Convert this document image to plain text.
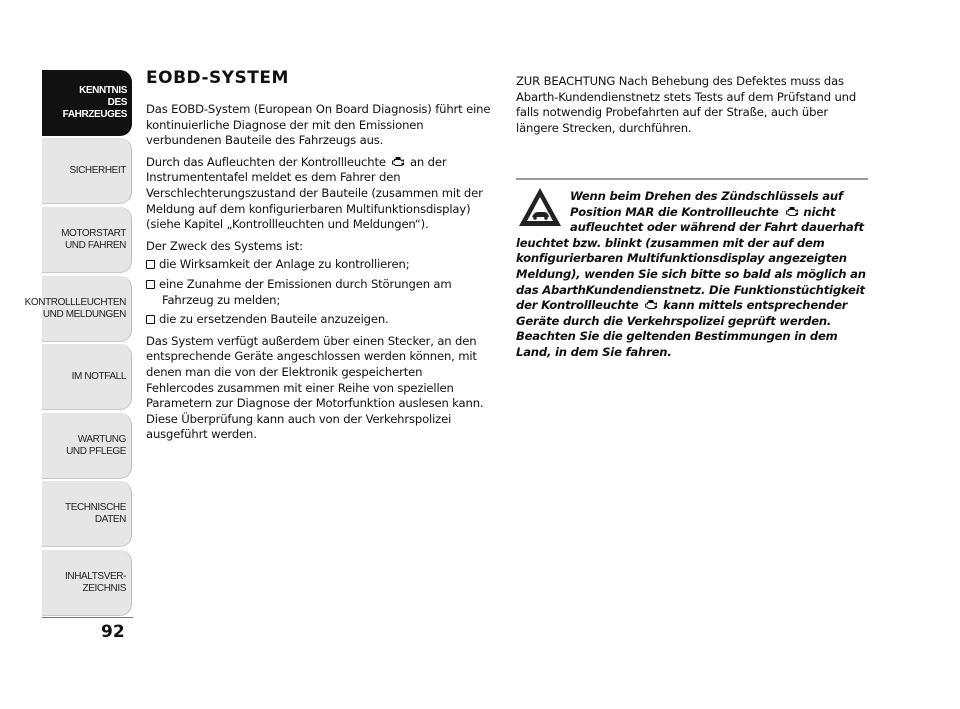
KENNTNIS
DES FAHRZEUGES
SICHERHEIT
MOTORSTART
UND FAHREN
KONTROLLLEUCHTEN
UND MELDUNGEN
IM NOTFALL
WARTUNG
UND PFLEGE
TECHNISCHE
DATEN
INHALTSVER-
ZEICHNIS
92
EOBD-SYSTEM

Das EOBD-System (European On Board Diagnosis) führt eine kontinuierliche Diagnose der mit den Emissionen verbundenen Bauteile des Fahrzeugs aus.

Durch das Aufleuchten der Kontrollleuchte an der Instrumententafel meldet es dem Fahrer den Verschlechterungszustand der Bauteile (zusammen mit der Meldung auf dem konfigurierbaren Multifunktionsdisplay) (siehe Kapitel „Kontrollleuchten und Meldungen“).

Der Zweck des Systems ist:

die Wirksamkeit der Anlage zu kontrollieren;
eine Zunahme der Emissionen durch Störungen am Fahrzeug zu melden;
die zu ersetzenden Bauteile anzuzeigen.

Das System verfügt außerdem über einen Stecker, an den entsprechende Geräte angeschlossen werden können, mit denen man die von der Elektronik gespeicherten Fehlercodes zusammen mit einer Reihe von speziellen Parametern zur Diagnose der Motorfunktion auslesen kann. Diese Überprüfung kann auch von der Verkehrspolizei ausgeführt werden.

ZUR BEACHTUNG Nach Behebung des Defektes muss das Abarth-Kundendienstnetz stets Tests auf dem Prüfstand und falls notwendig Probefahrten auf der Straße, auch über längere Strecken, durchführen.
Wenn beim Drehen des Zündschlüssels auf Position MAR die Kontrollleuchte nicht aufleuchtet oder während der Fahrt dauerhaft leuchtet bzw. blinkt (zusammen mit der auf dem konfigurierbaren Multifunktionsdisplay angezeigten Meldung), wenden Sie sich bitte so bald als möglich an das AbarthKundendienstnetz. Die Funktionstüchtigkeit der Kontrollleuchte kann mittels entsprechender Geräte durch die Verkehrspolizei geprüft werden. Beachten Sie die geltenden Bestimmungen in dem Land, in dem Sie fahren.
